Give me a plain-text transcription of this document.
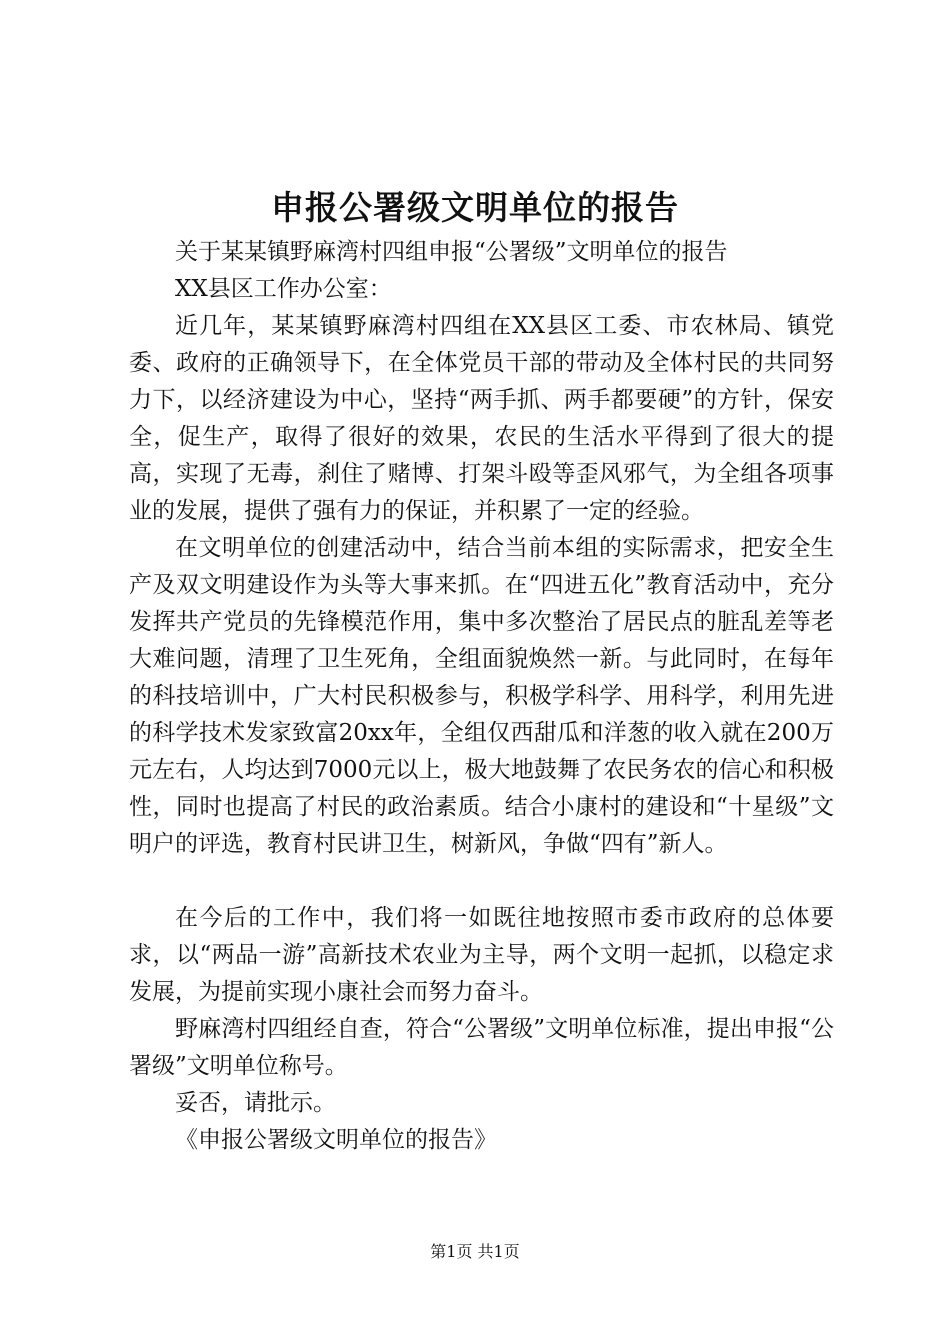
申报公署级文明单位的报告

关于某某镇野麻湾村四组申报“公署级”文明单位的报告

XX县区工作办公室：

近几年，某某镇野麻湾村四组在XX县区工委、市农林局、镇党委、政府的正确领导下，在全体党员干部的带动及全体村民的共同努力下，以经济建设为中心，坚持“两手抓、两手都要硬”的方针，保安全，促生产，取得了很好的效果，农民的生活水平得到了很大的提高，实现了无毒，刹住了赌博、打架斗殴等歪风邪气，为全组各项事业的发展，提供了强有力的保证，并积累了一定的经验。

在文明单位的创建活动中，结合当前本组的实际需求，把安全生产及双文明建设作为头等大事来抓。在“四进五化”教育活动中，充分发挥共产党员的先锋模范作用，集中多次整治了居民点的脏乱差等老大难问题，清理了卫生死角，全组面貌焕然一新。与此同时，在每年的科技培训中，广大村民积极参与，积极学科学、用科学，利用先进的科学技术发家致富20xx年，全组仅西甜瓜和洋葱的收入就在200万元左右，人均达到7000元以上，极大地鼓舞了农民务农的信心和积极性，同时也提高了村民的政治素质。结合小康村的建设和“十星级”文明户的评选，教育村民讲卫生，树新风，争做“四有”新人。

在今后的工作中，我们将一如既往地按照市委市政府的总体要求，以“两品一游”高新技术农业为主导，两个文明一起抓，以稳定求发展，为提前实现小康社会而努力奋斗。

野麻湾村四组经自查，符合“公署级”文明单位标准，提出申报“公署级”文明单位称号。

妥否，请批示。

《申报公署级文明单位的报告》

第1页 共1页
